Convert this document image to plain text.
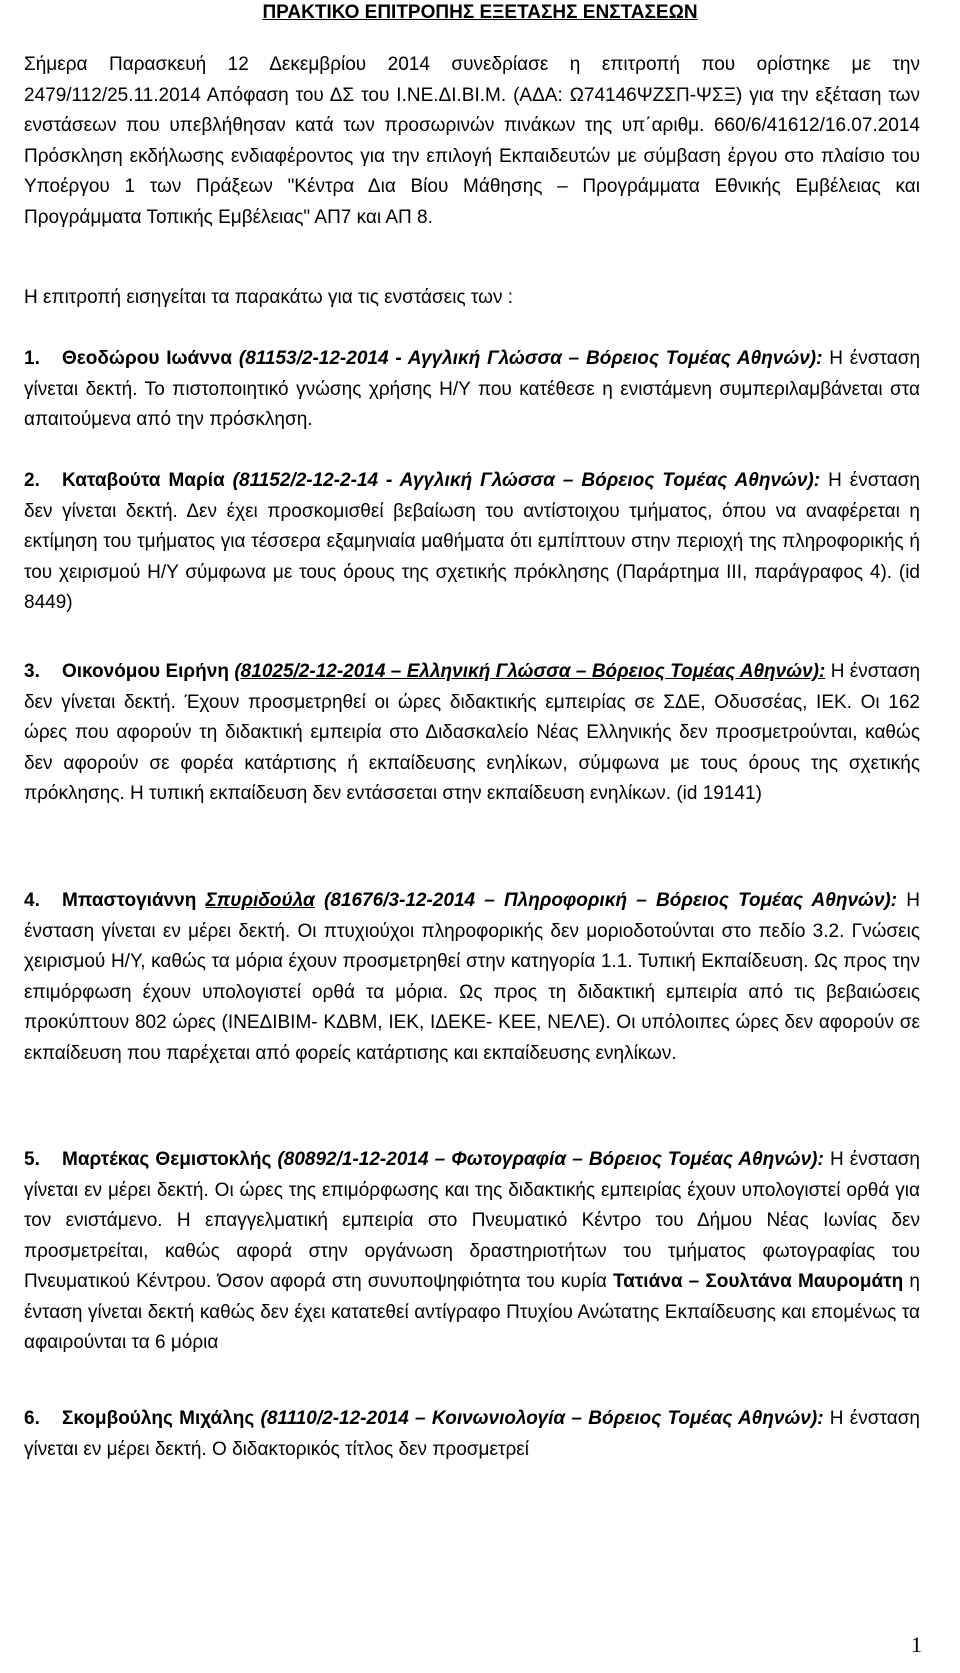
ΠΡΑΚΤΙΚΟ ΕΠΙΤΡΟΠΗΣ ΕΞΕΤΑΣΗΣ ΕΝΣΤΑΣΕΩΝ

Σήμερα Παρασκευή 12 Δεκεμβρίου 2014 συνεδρίασε η επιτροπή που ορίστηκε με την 2479/112/25.11.2014 Απόφαση του ΔΣ του Ι.ΝΕ.ΔΙ.ΒΙ.Μ. (ΑΔΑ: Ω74146ΨΖΣΠ-ΨΣΞ) για την εξέταση των ενστάσεων που υπεβλήθησαν κατά των προσωρινών πινάκων της υπ΄αριθμ. 660/6/41612/16.07.2014 Πρόσκληση εκδήλωσης ενδιαφέροντος για την επιλογή Εκπαιδευτών με σύμβαση έργου στο πλαίσιο του Υποέργου 1 των Πράξεων "Κέντρα Δια Βίου Μάθησης – Προγράμματα Εθνικής Εμβέλειας και Προγράμματα Τοπικής Εμβέλειας" ΑΠ7 και ΑΠ 8.

Η επιτροπή εισηγείται τα παρακάτω για τις ενστάσεις των :

1. Θεοδώρου Ιωάννα (81153/2-12-2014 - Αγγλική Γλώσσα – Βόρειος Τομέας Αθηνών): Η ένσταση γίνεται δεκτή. Το πιστοποιητικό γνώσης χρήσης Η/Υ που κατέθεσε η ενιστάμενη συμπεριλαμβάνεται στα απαιτούμενα από την πρόσκληση.

2. Καταβούτα Μαρία (81152/2-12-2-14 - Αγγλική Γλώσσα – Βόρειος Τομέας Αθηνών): Η ένσταση δεν γίνεται δεκτή. Δεν έχει προσκομισθεί βεβαίωση του αντίστοιχου τμήματος, όπου να αναφέρεται η εκτίμηση του τμήματος για τέσσερα εξαμηνιαία μαθήματα ότι εμπίπτουν στην περιοχή της πληροφορικής ή του χειρισμού Η/Υ σύμφωνα με τους όρους της σχετικής πρόκλησης (Παράρτημα ΙΙΙ, παράγραφος 4). (id 8449)

3. Οικονόμου Ειρήνη (81025/2-12-2014 – Ελληνική Γλώσσα – Βόρειος Τομέας Αθηνών): Η ένσταση δεν γίνεται δεκτή. Έχουν προσμετρηθεί οι ώρες διδακτικής εμπειρίας σε ΣΔΕ, Οδυσσέας, ΙΕΚ. Οι 162 ώρες που αφορούν τη διδακτική εμπειρία στο Διδασκαλείο Νέας Ελληνικής δεν προσμετρούνται, καθώς δεν αφορούν σε φορέα κατάρτισης ή εκπαίδευσης ενηλίκων, σύμφωνα με τους όρους της σχετικής πρόκλησης. Η τυπική εκπαίδευση δεν εντάσσεται στην εκπαίδευση ενηλίκων. (id 19141)

4. Μπαστογιάννη Σπυριδούλα (81676/3-12-2014 – Πληροφορική – Βόρειος Τομέας Αθηνών): Η ένσταση γίνεται εν μέρει δεκτή. Οι πτυχιούχοι πληροφορικής δεν μοριοδοτούνται στο πεδίο 3.2. Γνώσεις χειρισμού Η/Υ, καθώς τα μόρια έχουν προσμετρηθεί στην κατηγορία 1.1. Τυπική Εκπαίδευση. Ως προς την επιμόρφωση έχουν υπολογιστεί ορθά τα μόρια. Ως προς τη διδακτική εμπειρία από τις βεβαιώσεις προκύπτουν 802 ώρες (ΙΝΕΔΙΒΙΜ- ΚΔΒΜ, ΙΕΚ, ΙΔΕΚΕ- ΚΕΕ, ΝΕΛΕ). Οι υπόλοιπες ώρες δεν αφορούν σε εκπαίδευση που παρέχεται από φορείς κατάρτισης και εκπαίδευσης ενηλίκων.

5. Μαρτέκας Θεμιστοκλής (80892/1-12-2014 – Φωτογραφία – Βόρειος Τομέας Αθηνών): Η ένσταση γίνεται εν μέρει δεκτή. Οι ώρες της επιμόρφωσης και της διδακτικής εμπειρίας έχουν υπολογιστεί ορθά για τον ενιστάμενο. Η επαγγελματική εμπειρία στο Πνευματικό Κέντρο του Δήμου Νέας Ιωνίας δεν προσμετρείται, καθώς αφορά στην οργάνωση δραστηριοτήτων του τμήματος φωτογραφίας του Πνευματικού Κέντρου. Όσον αφορά στη συνυποψηφιότητα του κυρία Τατιάνα – Σουλτάνα Μαυρομάτη η ένταση γίνεται δεκτή καθώς δεν έχει κατατεθεί αντίγραφο Πτυχίου Ανώτατης Εκπαίδευσης και επομένως τα αφαιρούνται τα 6 μόρια

6. Σκομβούλης Μιχάλης (81110/2-12-2014 – Κοινωνιολογία – Βόρειος Τομέας Αθηνών): Η ένσταση γίνεται εν μέρει δεκτή. Ο διδακτορικός τίτλος δεν προσμετρεί

1
